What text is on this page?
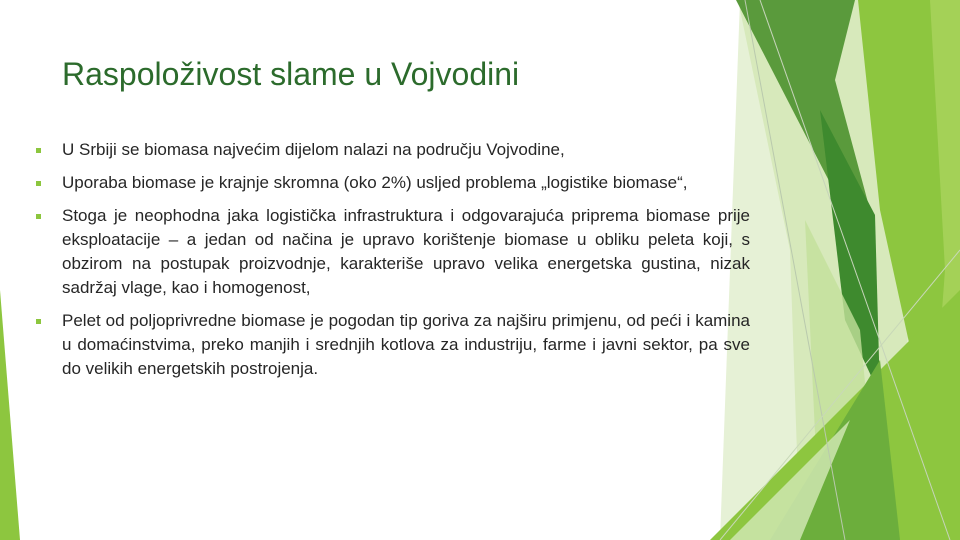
Raspoloživost slame u Vojvodini
U Srbiji se biomasa najvećim dijelom nalazi na području Vojvodine,
Uporaba biomase je krajnje skromna (oko 2%) usljed problema „logistike biomase“,
Stoga je neophodna jaka logistička infrastruktura i odgovarajuća priprema biomase prije eksploatacije – a jedan od načina je upravo korištenje biomase u obliku peleta koji, s obzirom na postupak proizvodnje, karakteriše upravo velika energetska gustina, nizak sadržaj vlage, kao i homogenost,
Pelet od poljoprivredne biomase je pogodan tip goriva za najširu primjenu, od peći i kamina u domaćinstvima, preko manjih i srednjih kotlova za industriju, farme i javni sektor, pa sve do velikih energetskih postrojenja.
